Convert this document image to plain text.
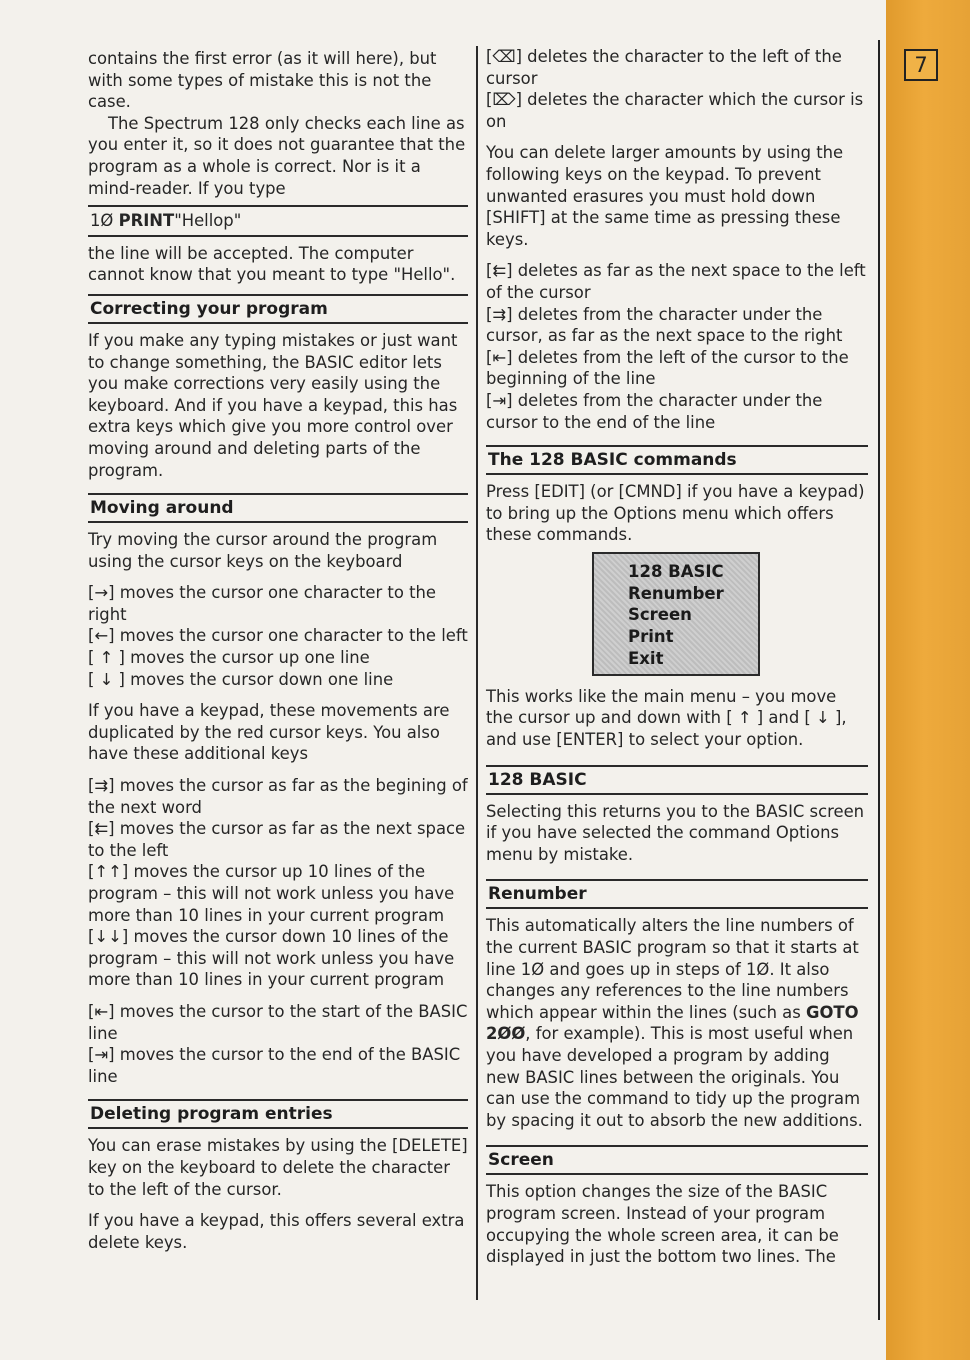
7

contains the first error (as it will here), but with some types of mistake this is not the case.

The Spectrum 128 only checks each line as you enter it, so it does not guarantee that the program as a whole is correct. Nor is it a mind-reader. If you type

1Ø PRINT"Hellop"

the line will be accepted. The computer cannot know that you meant to type "Hello".

Correcting your program

If you make any typing mistakes or just want to change something, the BASIC editor lets you make corrections very easily using the keyboard. And if you have a keypad, this has extra keys which give you more control over moving around and deleting parts of the program.

Moving around

Try moving the cursor around the program using the cursor keys on the keyboard

[→] moves the cursor one character to the right

[←] moves the cursor one character to the left

[ ↑ ] moves the cursor up one line

[ ↓ ] moves the cursor down one line

If you have a keypad, these movements are duplicated by the red cursor keys. You also have these additional keys

[⇉] moves the cursor as far as the begining of the next word

[⇇] moves the cursor as far as the next space to the left

[↑↑] moves the cursor up 10 lines of the program – this will not work unless you have more than 10 lines in your current program

[↓↓] moves the cursor down 10 lines of the program – this will not work unless you have more than 10 lines in your current program

[⇤] moves the cursor to the start of the BASIC line

[⇥] moves the cursor to the end of the BASIC line

Deleting program entries

You can erase mistakes by using the [DELETE] key on the keyboard to delete the character to the left of the cursor.

If you have a keypad, this offers several extra delete keys.

[⌫] deletes the character to the left of the cursor

[⌦] deletes the character which the cursor is on

You can delete larger amounts by using the following keys on the keypad. To prevent unwanted erasures you must hold down [SHIFT] at the same time as pressing these keys.

[⇇] deletes as far as the next space to the left of the cursor

[⇉] deletes from the character under the cursor, as far as the next space to the right

[⇤] deletes from the left of the cursor to the beginning of the line

[⇥] deletes from the character under the cursor to the end of the line

The 128 BASIC commands

Press [EDIT] (or [CMND] if you have a keypad) to bring up the Options menu which offers these commands.

128 BASIC
Renumber
Screen
Print
Exit

This works like the main menu – you move the cursor up and down with [ ↑ ] and [ ↓ ], and use [ENTER] to select your option.

128 BASIC

Selecting this returns you to the BASIC screen if you have selected the command Options menu by mistake.

Renumber

This automatically alters the line numbers of the current BASIC program so that it starts at line 1Ø and goes up in steps of 1Ø. It also changes any references to the line numbers which appear within the lines (such as GOTO 2ØØ, for example). This is most useful when you have developed a program by adding new BASIC lines between the originals. You can use the command to tidy up the program by spacing it out to absorb the new additions.

Screen

This option changes the size of the BASIC program screen. Instead of your program occupying the whole screen area, it can be displayed in just the bottom two lines. The
